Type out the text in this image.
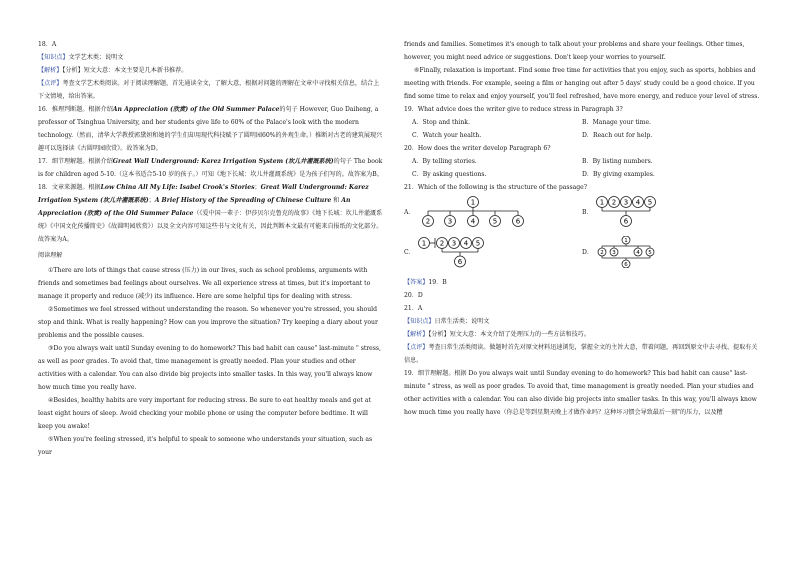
18．A

【知识点】文学艺术类；说明文

【解析】【分析】短文大意：本文主要是几本新书推荐。

【点评】考查文学艺术类阅读。对于阅读理解题，首先通读全文，了解大意，根据对问题的理解在文章中寻找相关信息，结合上下文情境，给出答案。

16．推理判断题。根据介绍An Appreciation (欣赏) of the Old Summer Palace的句子 However, Guo Daiheng, a professor of Tsinghua University, and her students give life to 60% of the Palace's look with the modern technology.（然而，清华大学教授郭黛姮和她的学生们却用现代科技赋予了圆明园60%的外观生命。）推断对古老的建筑展现兴趣可以选择读《古圆明园欣赏》。故答案为D。

17．细节理解题。根据介绍Great Wall Underground: Karez Irrigation System (坎儿井灌溉系统)的句子 The book is for children aged 5-10.（这本书适合5-10 岁的孩子。）可知《地下长城：坎儿井灌溉系统》是为孩子们写的。故答案为B。

18．文章来源题。根据Low China All My Life: Isabel Crook's Stories；Great Wall Underground: Karez Irrigation System (坎儿井灌溉系统)；A Brief History of the Spreading of Chinese Culture 和 An Appreciation (欣赏) of the Old Summer Palace（《爱中国一辈子：伊莎贝尔克鲁克的故事》《地下长城：坎儿井灌溉系统》《中国文化传播简史》《故圆明园欣赏》）以及全文内容可知这些书与文化有关，因此判断本文最有可能来自报纸的文化部分。故答案为A。

阅读理解

①There are lots of things that cause stress (压力) in our lives, such as school problems, arguments with friends and sometimes bad feelings about ourselves. We all experience stress at times, but it's important to manage it properly and reduce (减少) its influence. Here are some helpful tips for dealing with stress.

②Sometimes we feel stressed without understanding the reason. So whenever you're stressed, you should stop and think. What is really happening? How can you improve the situation? Try keeping a diary about your problems and the possible causes.

③Do you always wait until Sunday evening to do homework? This bad habit can cause" last-minute " stress, as well as poor grades. To avoid that, time management is greatly needed. Plan your studies and other activities with a calendar. You can also divide big projects into smaller tasks. In this way, you'll always know how much time you really have.

④Besides, healthy habits are very important for reducing stress. Be sure to eat healthy meals and get at least eight hours of sleep. Avoid checking your mobile phone or using the computer before bedtime. It will keep you awake!

⑤When you're feeling stressed, it's helpful to speak to someone who understands your situation, such as your

friends and families. Sometimes it's enough to talk about your problems and share your feelings. Other times, however, you might need advice or suggestions. Don't keep your worries to yourself.

⑥Finally, relaxation is important. Find some free time for activities that you enjoy, such as sports, hobbies and meeting with friends. For example, seeing a film or hanging out after 5 days' study could be a good choice. If you find some time to relax and enjoy yourself, you'll feel refreshed, have more energy, and reduce your level of stress.

19．What advice does the writer give to reduce stress in Paragraph 3?

A．Stop and think.	B．Manage your time.
C．Watch your health.	D．Reach out for help.

20．How does the writer develop Paragraph 6?

A．By telling stories.	B．By listing numbers.
C．By asking questions.	D．By giving examples.

21．Which of the following is the structure of the passage?

A．
1
2	3	4	5	6
B．
1 2 3 4 5
6
C．
1 2 3 4 5
6
D．
1
2 3	4 5
6

【答案】19．B

20．D

21．A

【知识点】日常生活类；说明文

【解析】【分析】短文大意：本文介绍了处理压力的一些方法和技巧。

【点评】考查日常生活类阅读。做题时首先对原文材料迅速浏览，掌握全文的主旨大意，带着问题，再回到原文中去寻找、提取有关信息。

19．细节理解题。根据 Do you always wait until Sunday evening to do homework? This bad habit can cause" last-minute " stress, as well as poor grades. To avoid that, time management is greatly needed. Plan your studies and other activities with a calendar. You can also divide big projects into smaller tasks. In this way, you'll always know how much time you really have（你总是等到星期天晚上才做作业吗？这种坏习惯会导致最后一刻"的压力，以及糟
